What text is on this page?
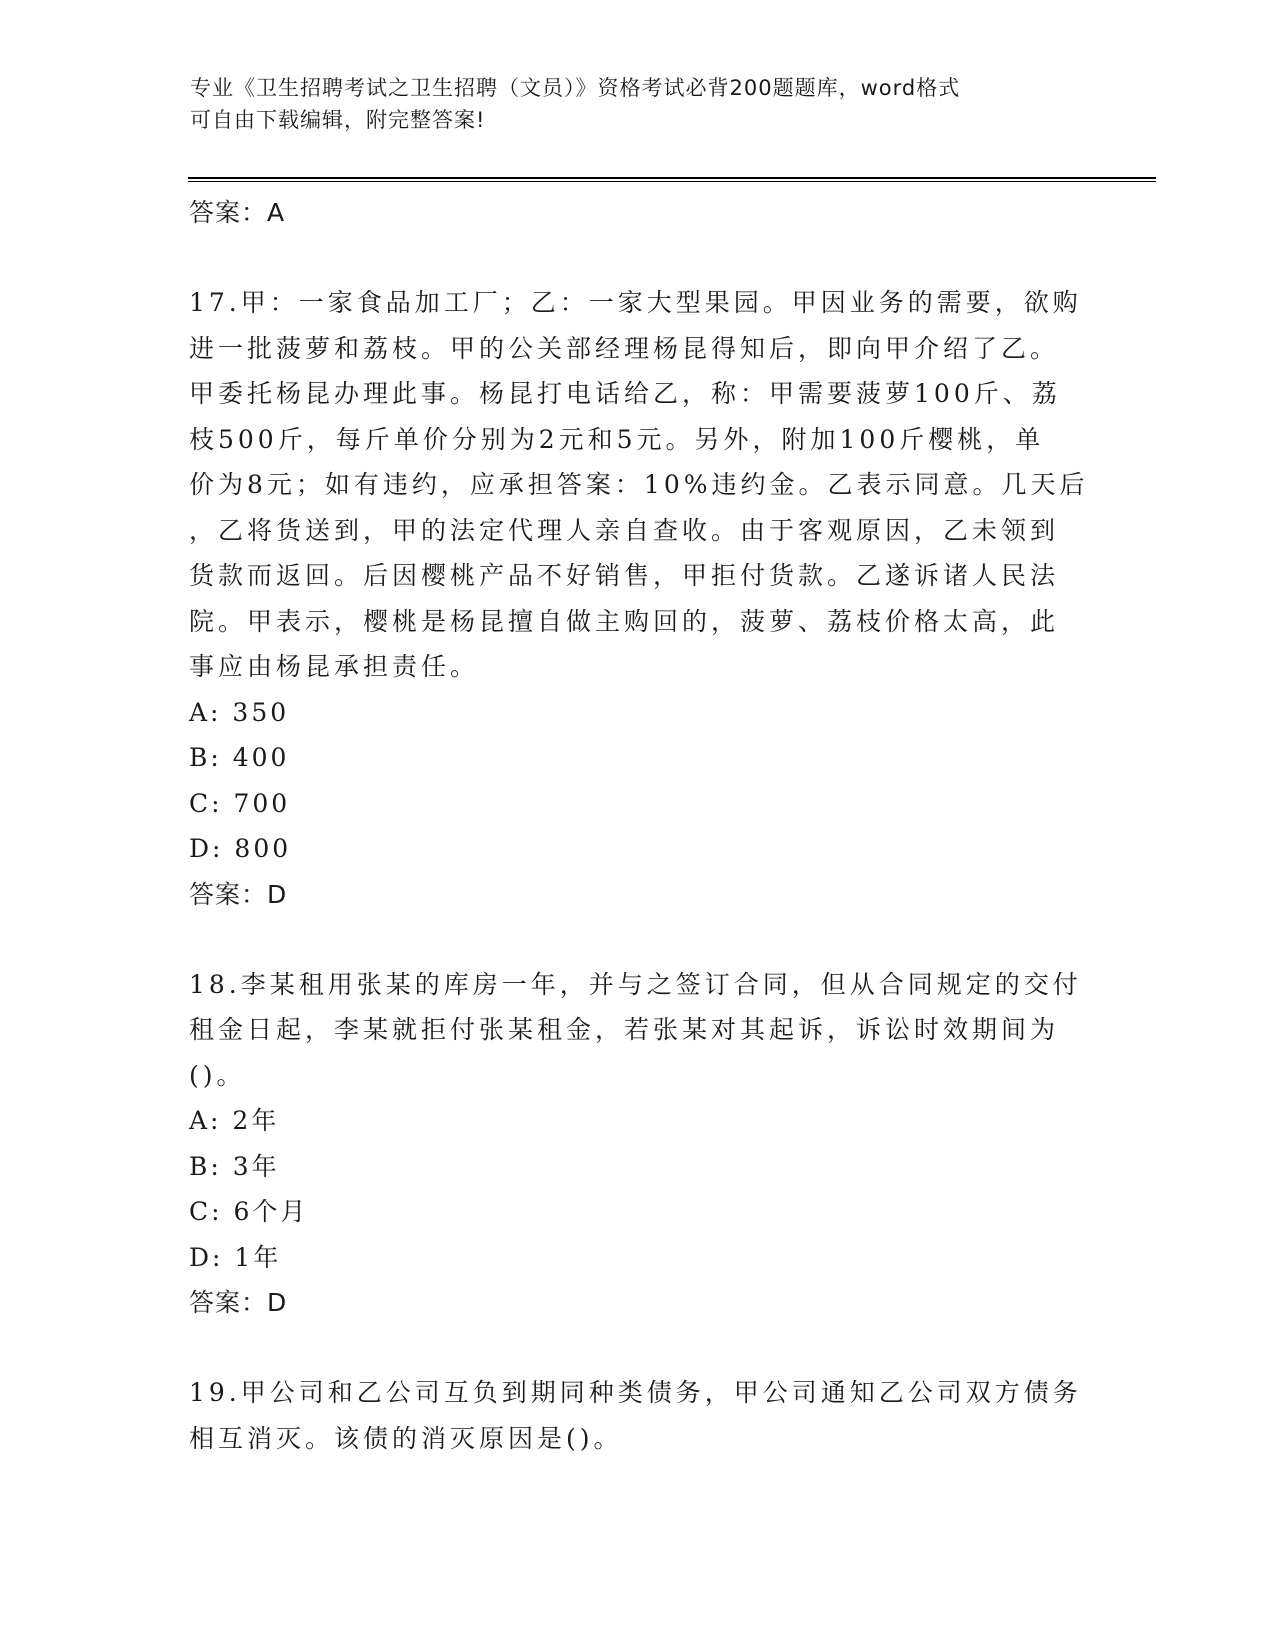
专业《卫生招聘考试之卫生招聘（文员）》资格考试必背200题题库，word格式
可自由下载编辑，附完整答案!
答案：A
17.甲：一家食品加工厂；乙：一家大型果园。甲因业务的需要，欲购
进一批菠萝和荔枝。甲的公关部经理杨昆得知后，即向甲介绍了乙。
甲委托杨昆办理此事。杨昆打电话给乙，称：甲需要菠萝100斤、荔
枝500斤，每斤单价分别为2元和5元。另外，附加100斤樱桃，单
价为8元；如有违约，应承担答案：10%违约金。乙表示同意。几天后
，乙将货送到，甲的法定代理人亲自查收。由于客观原因，乙未领到
货款而返回。后因樱桃产品不好销售，甲拒付货款。乙遂诉诸人民法
院。甲表示，樱桃是杨昆擅自做主购回的，菠萝、荔枝价格太高，此
事应由杨昆承担责任。
A: 350
B: 400
C: 700
D: 800
答案：D
18.李某租用张某的库房一年，并与之签订合同，但从合同规定的交付
租金日起，李某就拒付张某租金，若张某对其起诉，诉讼时效期间为
()。
A: 2年
B: 3年
C: 6个月
D: 1年
答案：D
19.甲公司和乙公司互负到期同种类债务，甲公司通知乙公司双方债务
相互消灭。该债的消灭原因是()。
